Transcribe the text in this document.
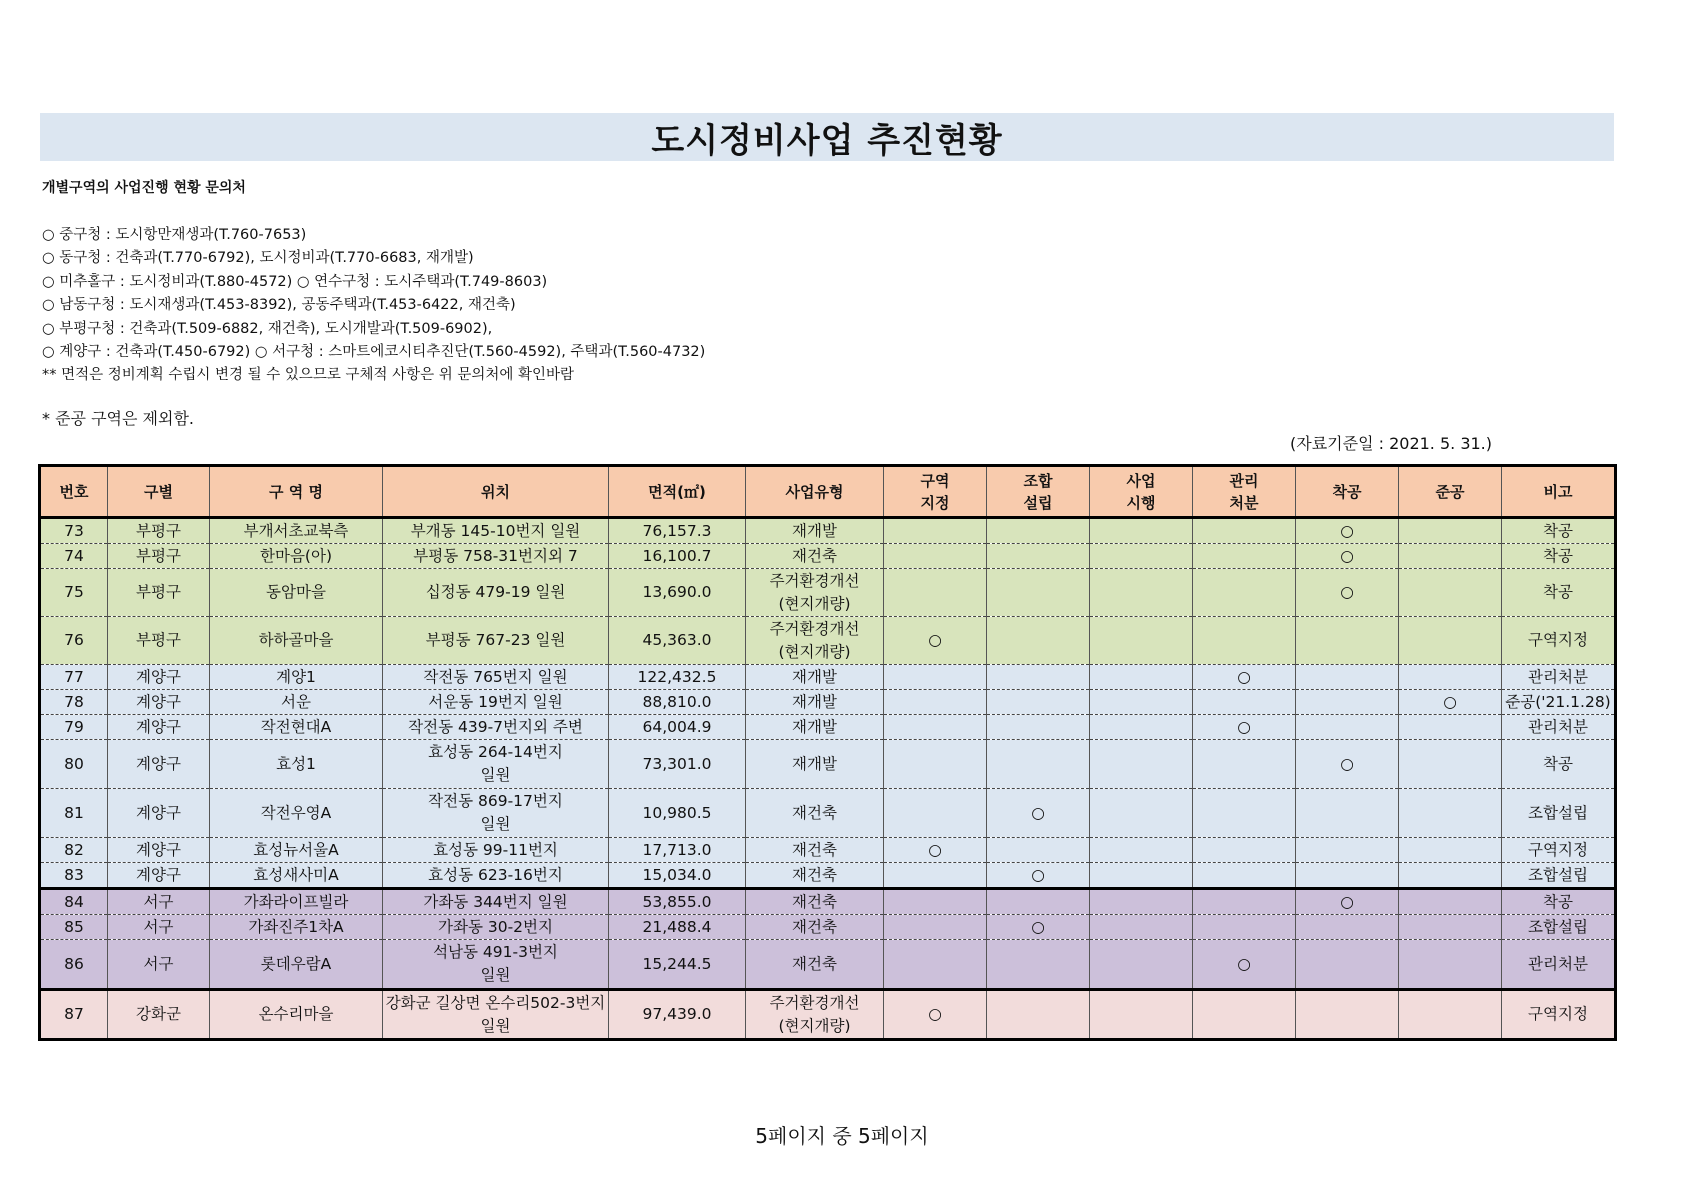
도시정비사업 추진현황
개별구역의 사업진행 현황 문의처
○ 중구청 : 도시항만재생과(T.760-7653)
○ 동구청 : 건축과(T.770-6792), 도시정비과(T.770-6683, 재개발)
○ 미추홀구 : 도시정비과(T.880-4572) ○ 연수구청 : 도시주택과(T.749-8603)
○ 남동구청 : 도시재생과(T.453-8392), 공동주택과(T.453-6422, 재건축)
○ 부평구청 : 건축과(T.509-6882, 재건축), 도시개발과(T.509-6902),
○ 계양구 : 건축과(T.450-6792) ○ 서구청 : 스마트에코시티추진단(T.560-4592), 주택과(T.560-4732)
** 면적은 정비계획 수립시 변경 될 수 있으므로 구체적 사항은 위 문의처에 확인바람
* 준공 구역은 제외함.
(자료기준일 : 2021. 5. 31.)
번호	구별	구 역 명	위치	면적(㎡)	사업유형	구역
지정	조합
설립	사업
시행	관리
처분	착공	준공	비고
73	부평구	부개서초교북측	부개동 145-10번지 일원	76,157.3	재개발					○		착공
74	부평구	한마음(아)	부평동 758-31번지외 7	16,100.7	재건축					○		착공
75	부평구	동암마을	십정동 479-19 일원	13,690.0	주거환경개선
(현지개량)					○		착공
76	부평구	하하골마을	부평동 767-23 일원	45,363.0	주거환경개선
(현지개량)	○						구역지정
77	계양구	계양1	작전동 765번지 일원	122,432.5	재개발				○			관리처분
78	계양구	서운	서운동 19번지 일원	88,810.0	재개발						○	준공('21.1.28)
79	계양구	작전현대A	작전동 439-7번지외 주변	64,004.9	재개발				○			관리처분
80	계양구	효성1	효성동 264-14번지
일원	73,301.0	재개발					○		착공
81	계양구	작전우영A	작전동 869-17번지
일원	10,980.5	재건축		○					조합설립
82	계양구	효성뉴서울A	효성동 99-11번지	17,713.0	재건축	○						구역지정
83	계양구	효성새사미A	효성동 623-16번지	15,034.0	재건축		○					조합설립
84	서구	가좌라이프빌라	가좌동 344번지 일원	53,855.0	재건축					○		착공
85	서구	가좌진주1차A	가좌동 30-2번지	21,488.4	재건축		○					조합설립
86	서구	롯데우람A	석남동 491-3번지
일원	15,244.5	재건축				○			관리처분
87	강화군	온수리마을	강화군 길상면 온수리502-3번지
일원	97,439.0	주거환경개선
(현지개량)	○						구역지정
5페이지 중 5페이지
